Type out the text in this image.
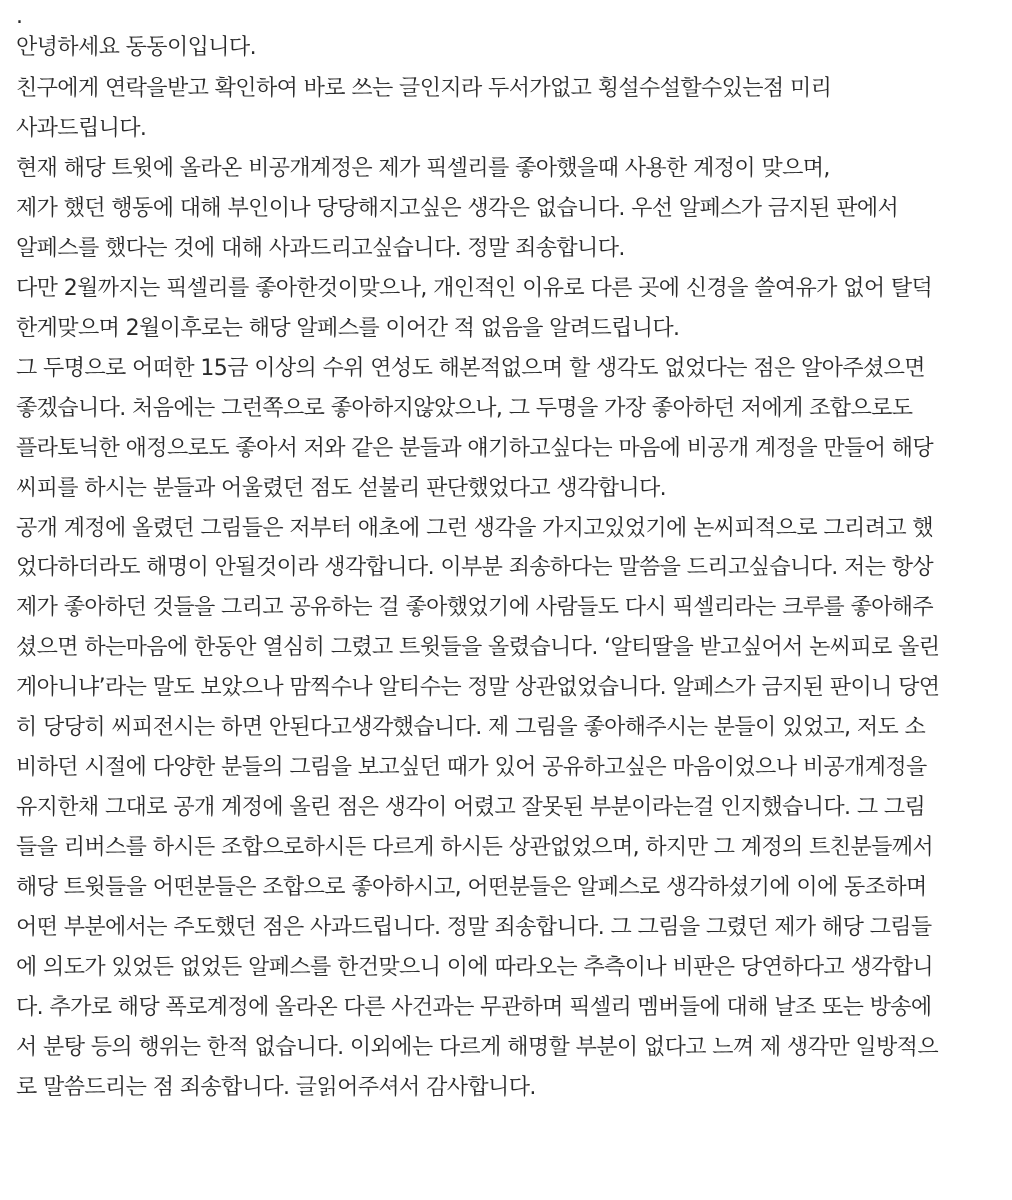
.
안녕하세요 동동이입니다.
친구에게 연락을받고 확인하여 바로 쓰는 글인지라 두서가없고 횡설수설할수있는점 미리
사과드립니다.
현재 해당 트윗에 올라온 비공개계정은 제가 픽셀리를 좋아했을때 사용한 계정이 맞으며,
제가 했던 행동에 대해 부인이나 당당해지고싶은 생각은 없습니다. 우선 알페스가 금지된 판에서
알페스를 했다는 것에 대해 사과드리고싶습니다. 정말 죄송합니다.
다만 2월까지는 픽셀리를 좋아한것이맞으나, 개인적인 이유로 다른 곳에 신경을 쓸여유가 없어 탈덕
한게맞으며 2월이후로는 해당 알페스를 이어간 적 없음을 알려드립니다.
그 두명으로 어떠한 15금 이상의 수위 연성도 해본적없으며 할 생각도 없었다는 점은 알아주셨으면
좋겠습니다. 처음에는 그런쪽으로 좋아하지않았으나, 그 두명을 가장 좋아하던 저에게 조합으로도
플라토닉한 애정으로도 좋아서 저와 같은 분들과 얘기하고싶다는 마음에 비공개 계정을 만들어 해당
씨피를 하시는 분들과 어울렸던 점도 섣불리 판단했었다고 생각합니다.
공개 계정에 올렸던 그림들은 저부터 애초에 그런 생각을 가지고있었기에 논씨피적으로 그리려고 했
었다하더라도 해명이 안될것이라 생각합니다. 이부분 죄송하다는 말씀을 드리고싶습니다. 저는 항상
제가 좋아하던 것들을 그리고 공유하는 걸 좋아했었기에 사람들도 다시 픽셀리라는 크루를 좋아해주
셨으면 하는마음에 한동안 열심히 그렸고 트윗들을 올렸습니다. ‘알티딸을 받고싶어서 논씨피로 올린
게아니냐’라는 말도 보았으나 맘찍수나 알티수는 정말 상관없었습니다. 알페스가 금지된 판이니 당연
히 당당히 씨피전시는 하면 안된다고생각했습니다. 제 그림을 좋아해주시는 분들이 있었고, 저도 소
비하던 시절에 다양한 분들의 그림을 보고싶던 때가 있어 공유하고싶은 마음이었으나 비공개계정을
유지한채 그대로 공개 계정에 올린 점은 생각이 어렸고 잘못된 부분이라는걸 인지했습니다. 그 그림
들을 리버스를 하시든 조합으로하시든 다르게 하시든 상관없었으며, 하지만 그 계정의 트친분들께서
해당 트윗들을 어떤분들은 조합으로 좋아하시고, 어떤분들은 알페스로 생각하셨기에 이에 동조하며
어떤 부분에서는 주도했던 점은 사과드립니다. 정말 죄송합니다. 그 그림을 그렸던 제가 해당 그림들
에 의도가 있었든 없었든 알페스를 한건맞으니 이에 따라오는 추측이나 비판은 당연하다고 생각합니
다. 추가로 해당 폭로계정에 올라온 다른 사건과는 무관하며 픽셀리 멤버들에 대해 날조 또는 방송에
서 분탕 등의 행위는 한적 없습니다. 이외에는 다르게 해명할 부분이 없다고 느껴 제 생각만 일방적으
로 말씀드리는 점 죄송합니다. 글읽어주셔서 감사합니다.
